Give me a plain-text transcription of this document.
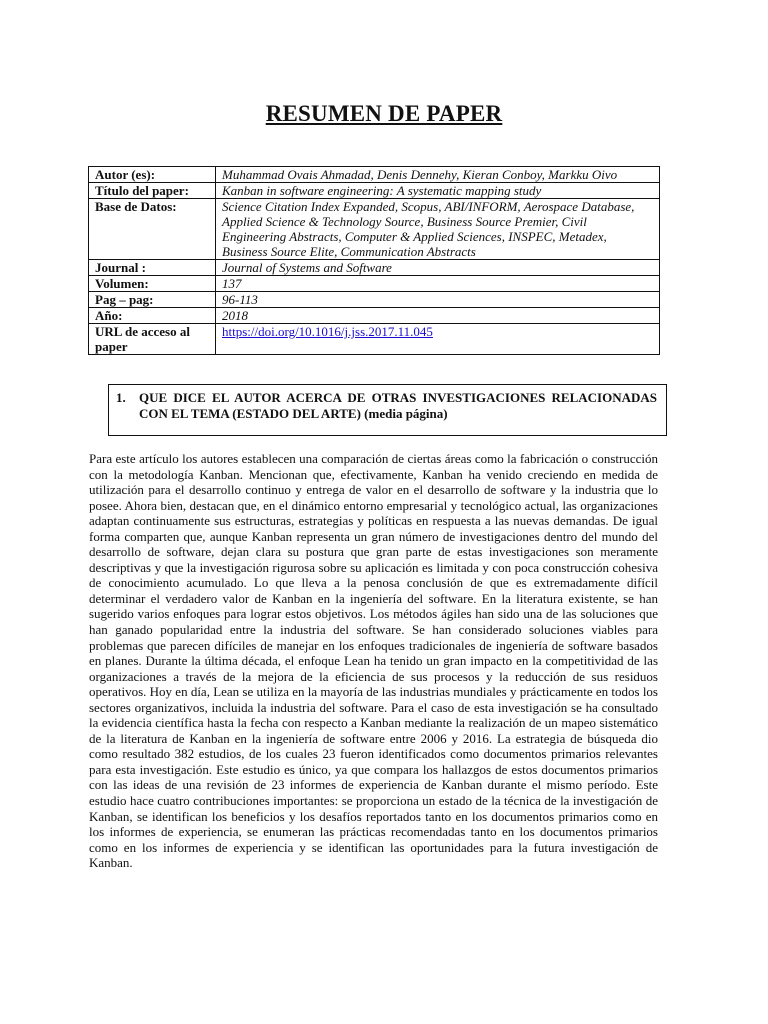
RESUMEN DE PAPER
Autor (es):	Muhammad Ovais Ahmadad, Denis Dennehy, Kieran Conboy, Markku Oivo
Título del paper:	Kanban in software engineering: A systematic mapping study
Base de Datos:	Science Citation Index Expanded, Scopus, ABI/INFORM, Aerospace Database, Applied Science & Technology Source, Business Source Premier, Civil Engineering Abstracts, Computer & Applied Sciences, INSPEC, Metadex, Business Source Elite, Communication Abstracts
Journal :	Journal of Systems and Software
Volumen:	137
Pag – pag:	96-113
Año:	2018
URL de acceso al paper	https://doi.org/10.1016/j.jss.2017.11.045
1. QUE DICE EL AUTOR ACERCA DE OTRAS INVESTIGACIONES RELACIONADAS CON EL TEMA (ESTADO DEL ARTE) (media página)

Para este artículo los autores establecen una comparación de ciertas áreas como la fabricación o construcción con la metodología Kanban. Mencionan que, efectivamente, Kanban ha venido creciendo en medida de utilización para el desarrollo continuo y entrega de valor en el desarrollo de software y la industria que lo posee. Ahora bien, destacan que, en el dinámico entorno empresarial y tecnológico actual, las organizaciones adaptan continuamente sus estructuras, estrategias y políticas en respuesta a las nuevas demandas. De igual forma comparten que, aunque Kanban representa un gran número de investigaciones dentro del mundo del desarrollo de software, dejan clara su postura que gran parte de estas investigaciones son meramente descriptivas y que la investigación rigurosa sobre su aplicación es limitada y con poca construcción cohesiva de conocimiento acumulado. Lo que lleva a la penosa conclusión de que es extremadamente difícil determinar el verdadero valor de Kanban en la ingeniería del software. En la literatura existente, se han sugerido varios enfoques para lograr estos objetivos. Los métodos ágiles han sido una de las soluciones que han ganado popularidad entre la industria del software. Se han considerado soluciones viables para problemas que parecen difíciles de manejar en los enfoques tradicionales de ingeniería de software basados en planes. Durante la última década, el enfoque Lean ha tenido un gran impacto en la competitividad de las organizaciones a través de la mejora de la eficiencia de sus procesos y la reducción de sus residuos operativos. Hoy en día, Lean se utiliza en la mayoría de las industrias mundiales y prácticamente en todos los sectores organizativos, incluida la industria del software. Para el caso de esta investigación se ha consultado la evidencia científica hasta la fecha con respecto a Kanban mediante la realización de un mapeo sistemático de la literatura de Kanban en la ingeniería de software entre 2006 y 2016. La estrategia de búsqueda dio como resultado 382 estudios, de los cuales 23 fueron identificados como documentos primarios relevantes para esta investigación. Este estudio es único, ya que compara los hallazgos de estos documentos primarios con las ideas de una revisión de 23 informes de experiencia de Kanban durante el mismo período. Este estudio hace cuatro contribuciones importantes: se proporciona un estado de la técnica de la investigación de Kanban, se identifican los beneficios y los desafíos reportados tanto en los documentos primarios como en los informes de experiencia, se enumeran las prácticas recomendadas tanto en los documentos primarios como en los informes de experiencia y se identifican las oportunidades para la futura investigación de Kanban.
